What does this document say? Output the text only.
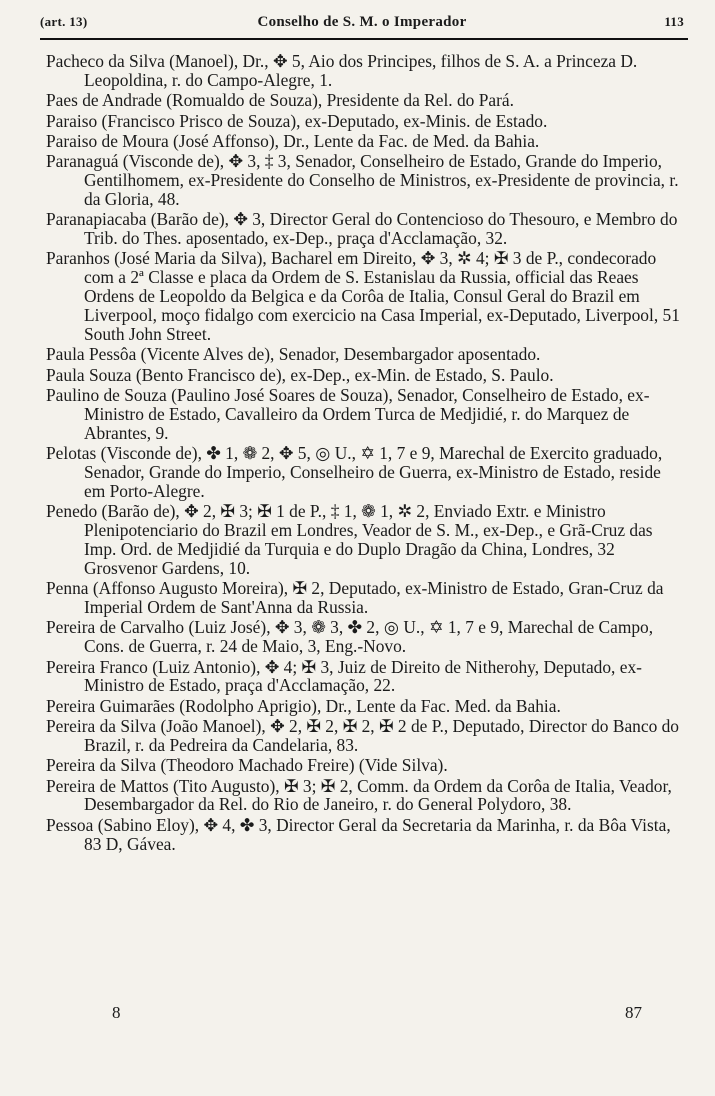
(art. 13)	Conselho de S. M. o Imperador	113

Pacheco da Silva (Manoel), Dr., ✥ 5, Aio dos Principes, filhos de S. A. a Princeza D. Leopoldina, r. do Campo-Alegre, 1.

Paes de Andrade (Romualdo de Souza), Presidente da Rel. do Pará.

Paraiso (Francisco Prisco de Souza), ex-Deputado, ex-Minis. de Estado.

Paraiso de Moura (José Affonso), Dr., Lente da Fac. de Med. da Bahia.

Paranaguá (Visconde de), ✥ 3, ‡ 3, Senador, Conselheiro de Estado, Grande do Imperio, Gentilhomem, ex-Presidente do Conselho de Ministros, ex-Presidente de provincia, r. da Gloria, 48.

Paranapiacaba (Barão de), ✥ 3, Director Geral do Contencioso do Thesouro, e Membro do Trib. do Thes. aposentado, ex-Dep., praça d'Acclamação, 32.

Paranhos (José Maria da Silva), Bacharel em Direito, ✥ 3, ✲ 4; ✠ 3 de P., condecorado com a 2ª Classe e placa da Ordem de S. Estanislau da Russia, official das Reaes Ordens de Leopoldo da Belgica e da Corôa de Italia, Consul Geral do Brazil em Liverpool, moço fidalgo com exercicio na Casa Imperial, ex-Deputado, Liverpool, 51 South John Street.

Paula Pessôa (Vicente Alves de), Senador, Desembargador aposentado.

Paula Souza (Bento Francisco de), ex-Dep., ex-Min. de Estado, S. Paulo.

Paulino de Souza (Paulino José Soares de Souza), Senador, Conselheiro de Estado, ex-Ministro de Estado, Cavalleiro da Ordem Turca de Medjidié, r. do Marquez de Abrantes, 9.

Pelotas (Visconde de), ✤ 1, ❁ 2, ✥ 5, ◎ U., ✡ 1, 7 e 9, Marechal de Exercito graduado, Senador, Grande do Imperio, Conselheiro de Guerra, ex-Ministro de Estado, reside em Porto-Alegre.

Penedo (Barão de), ✥ 2, ✠ 3; ✠ 1 de P., ‡ 1, ❁ 1, ✲ 2, Enviado Extr. e Ministro Plenipotenciario do Brazil em Londres, Veador de S. M., ex-Dep., e Grã-Cruz das Imp. Ord. de Medjidié da Turquia e do Duplo Dragão da China, Londres, 32 Grosvenor Gardens, 10.

Penna (Affonso Augusto Moreira), ✠ 2, Deputado, ex-Ministro de Estado, Gran-Cruz da Imperial Ordem de Sant'Anna da Russia.

Pereira de Carvalho (Luiz José), ✥ 3, ❁ 3, ✤ 2, ◎ U., ✡ 1, 7 e 9, Marechal de Campo, Cons. de Guerra, r. 24 de Maio, 3, Eng.-Novo.

Pereira Franco (Luiz Antonio), ✥ 4; ✠ 3, Juiz de Direito de Nitherohy, Deputado, ex-Ministro de Estado, praça d'Acclamação, 22.

Pereira Guimarães (Rodolpho Aprigio), Dr., Lente da Fac. Med. da Bahia.

Pereira da Silva (João Manoel), ✥ 2, ✠ 2, ✠ 2, ✠ 2 de P., Deputado, Director do Banco do Brazil, r. da Pedreira da Candelaria, 83.

Pereira da Silva (Theodoro Machado Freire) (Vide Silva).

Pereira de Mattos (Tito Augusto), ✠ 3; ✠ 2, Comm. da Ordem da Corôa de Italia, Veador, Desembargador da Rel. do Rio de Janeiro, r. do General Polydoro, 38.

Pessoa (Sabino Eloy), ✥ 4, ✤ 3, Director Geral da Secretaria da Marinha, r. da Bôa Vista, 83 D, Gávea.

8	87
